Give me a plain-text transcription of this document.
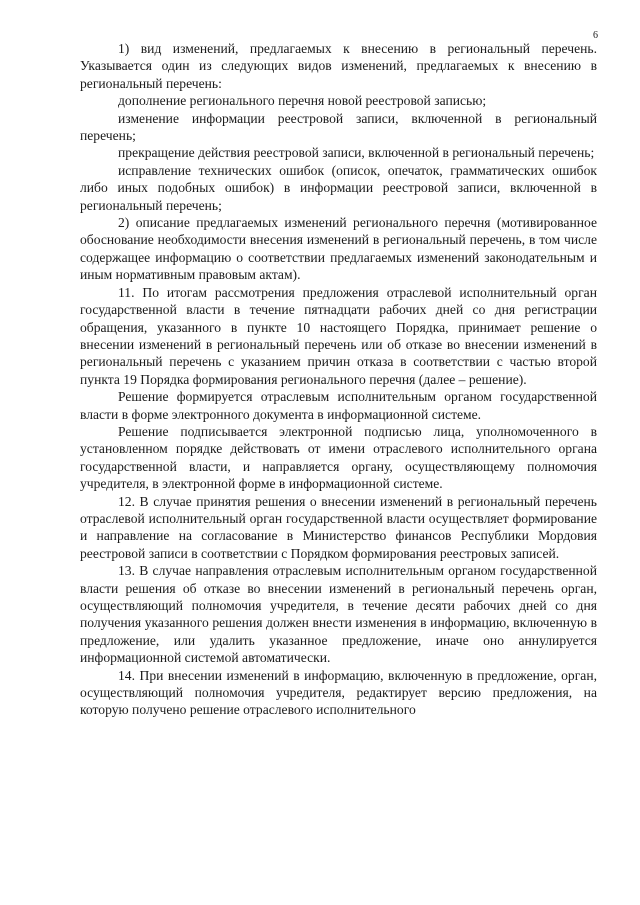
6

1) вид изменений, предлагаемых к внесению в региональный перечень. Указывается один из следующих видов изменений, предлагаемых к внесению в региональный перечень:

дополнение регионального перечня новой реестровой записью;

изменение информации реестровой записи, включенной в региональный перечень;

прекращение действия реестровой записи, включенной в региональный перечень;

исправление технических ошибок (описок, опечаток, грамматических ошибок либо иных подобных ошибок) в информации реестровой записи, включенной в региональный перечень;

2) описание предлагаемых изменений регионального перечня (мотивированное обоснование необходимости внесения изменений в региональный перечень, в том числе содержащее информацию о соответствии предлагаемых изменений законодательным и иным нормативным правовым актам).

11. По итогам рассмотрения предложения отраслевой исполнительный орган государственной власти в течение пятнадцати рабочих дней со дня регистрации обращения, указанного в пункте 10 настоящего Порядка, принимает решение о внесении изменений в региональный перечень или об отказе во внесении изменений в региональный перечень с указанием причин отказа в соответствии с частью второй пункта 19 Порядка формирования регионального перечня (далее – решение).

Решение формируется отраслевым исполнительным органом государственной власти в форме электронного документа в информационной системе.

Решение подписывается электронной подписью лица, уполномоченного в установленном порядке действовать от имени отраслевого исполнительного органа государственной власти, и направляется органу, осуществляющему полномочия учредителя, в электронной форме в информационной системе.

12. В случае принятия решения о внесении изменений в региональный перечень отраслевой исполнительный орган государственной власти осуществляет формирование и направление на согласование в Министерство финансов Республики Мордовия реестровой записи в соответствии с Порядком формирования реестровых записей.

13. В случае направления отраслевым исполнительным органом государственной власти решения об отказе во внесении изменений в региональный перечень орган, осуществляющий полномочия учредителя, в течение десяти рабочих дней со дня получения указанного решения должен внести изменения в информацию, включенную в предложение, или удалить указанное предложение, иначе оно аннулируется информационной системой автоматически.

14. При внесении изменений в информацию, включенную в предложение, орган, осуществляющий полномочия учредителя, редактирует версию предложения, на которую получено решение отраслевого исполнительного
